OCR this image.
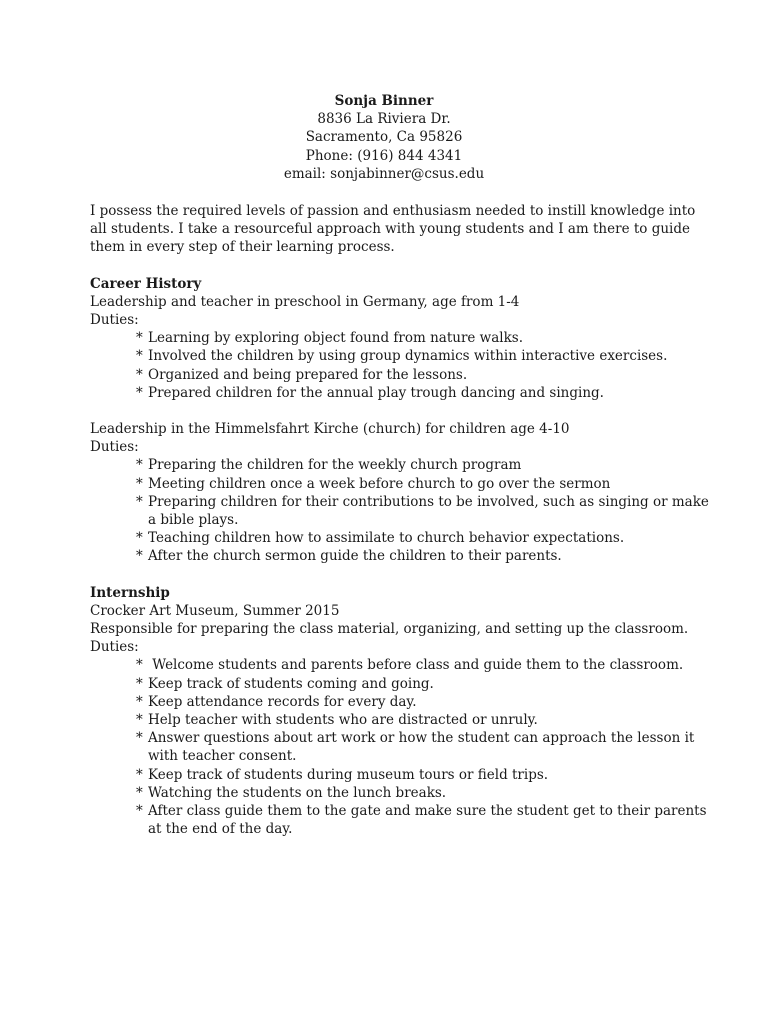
Sonja Binner
8836 La Riviera Dr.
Sacramento, Ca 95826
Phone: (916) 844 4341
email: sonjabinner@csus.edu

I possess the required levels of passion and enthusiasm needed to instill knowledge into all students. I take a resourceful approach with young students and I am there to guide them in every step of their learning process.

Career History
Leadership and teacher in preschool in Germany, age from 1-4
Duties:
* Learning by exploring object found from nature walks.
* Involved the children by using group dynamics within interactive exercises.
* Organized and being prepared for the lessons.
* Prepared children for the annual play trough dancing and singing.
Leadership in the Himmelsfahrt Kirche (church) for children age 4-10
Duties:
* Preparing the children for the weekly church program
* Meeting children once a week before church to go over the sermon
* Preparing children for their contributions to be involved, such as singing or make a bible plays.
* Teaching children how to assimilate to church behavior expectations.
* After the church sermon guide the children to their parents.
Internship
Crocker Art Museum, Summer 2015
Responsible for preparing the class material, organizing, and setting up the classroom.
Duties:
* Welcome students and parents before class and guide them to the classroom.
* Keep track of students coming and going.
* Keep attendance records for every day.
* Help teacher with students who are distracted or unruly.
* Answer questions about art work or how the student can approach the lesson it with teacher consent.
* Keep track of students during museum tours or field trips.
* Watching the students on the lunch breaks.
* After class guide them to the gate and make sure the student get to their parents at the end of the day.
